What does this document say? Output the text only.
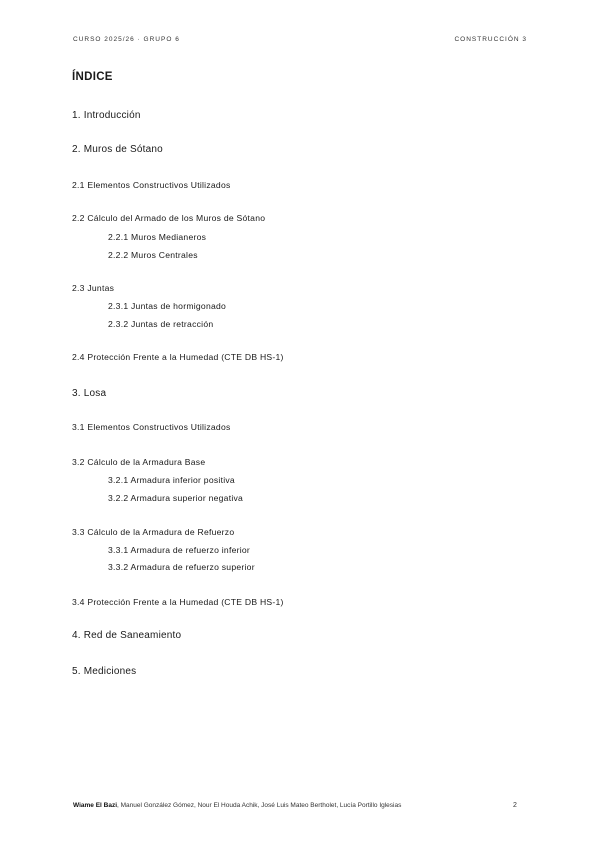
CURSO 2025/26 · GRUPO 6	CONSTRUCCIÓN 3
ÍNDICE
1. Introducción
2. Muros de Sótano
2.1 Elementos Constructivos Utilizados
2.2 Cálculo del Armado de los Muros de Sótano
2.2.1 Muros Medianeros
2.2.2 Muros Centrales
2.3 Juntas
2.3.1 Juntas de hormigonado
2.3.2 Juntas de retracción
2.4 Protección Frente a la Humedad (CTE DB HS-1)
3. Losa
3.1 Elementos Constructivos Utilizados
3.2 Cálculo de la Armadura Base
3.2.1 Armadura inferior positiva
3.2.2 Armadura superior negativa
3.3 Cálculo de la Armadura de Refuerzo
3.3.1 Armadura de refuerzo inferior
3.3.2 Armadura de refuerzo superior
3.4 Protección Frente a la Humedad (CTE DB HS-1)
4. Red de Saneamiento
5. Mediciones
Wiame El Bazi, Manuel González Gómez, Nour El Houda Achik, José Luis Mateo Bertholet, Lucía Portillo Iglesias	2
